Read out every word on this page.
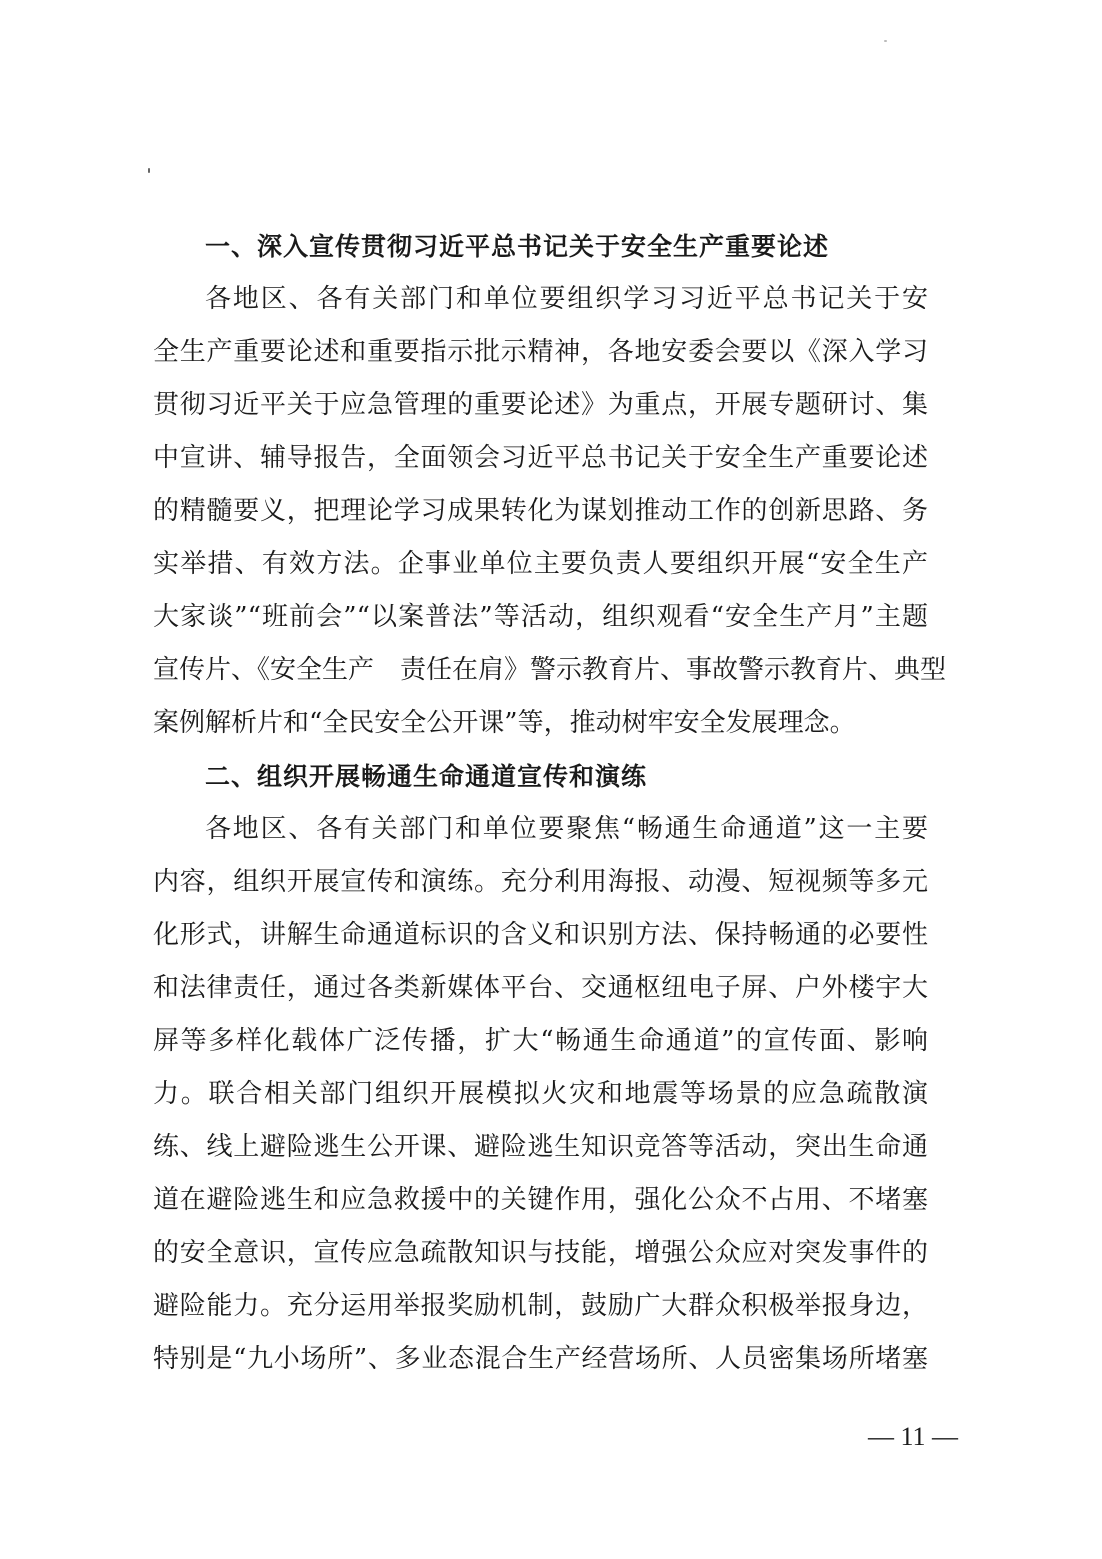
一、深入宣传贯彻习近平总书记关于安全生产重要论述
各地区、各有关部门和单位要组织学习习近平总书记关于安
全生产重要论述和重要指示批示精神，各地安委会要以《深入学习
贯彻习近平关于应急管理的重要论述》为重点，开展专题研讨、集
中宣讲、辅导报告，全面领会习近平总书记关于安全生产重要论述
的精髓要义，把理论学习成果转化为谋划推动工作的创新思路、务
实举措、有效方法。企事业单位主要负责人要组织开展“安全生产
大家谈”“班前会”“以案普法”等活动，组织观看“安全生产月”主题
宣传片、《安全生产　责任在肩》警示教育片、事故警示教育片、典型
案例解析片和“全民安全公开课”等，推动树牢安全发展理念。
二、组织开展畅通生命通道宣传和演练
各地区、各有关部门和单位要聚焦“畅通生命通道”这一主要
内容，组织开展宣传和演练。充分利用海报、动漫、短视频等多元
化形式，讲解生命通道标识的含义和识别方法、保持畅通的必要性
和法律责任，通过各类新媒体平台、交通枢纽电子屏、户外楼宇大
屏等多样化载体广泛传播，扩大“畅通生命通道”的宣传面、影响
力。联合相关部门组织开展模拟火灾和地震等场景的应急疏散演
练、线上避险逃生公开课、避险逃生知识竞答等活动，突出生命通
道在避险逃生和应急救援中的关键作用，强化公众不占用、不堵塞
的安全意识，宣传应急疏散知识与技能，增强公众应对突发事件的
避险能力。充分运用举报奖励机制，鼓励广大群众积极举报身边，
特别是“九小场所”、多业态混合生产经营场所、人员密集场所堵塞
— 11 —
